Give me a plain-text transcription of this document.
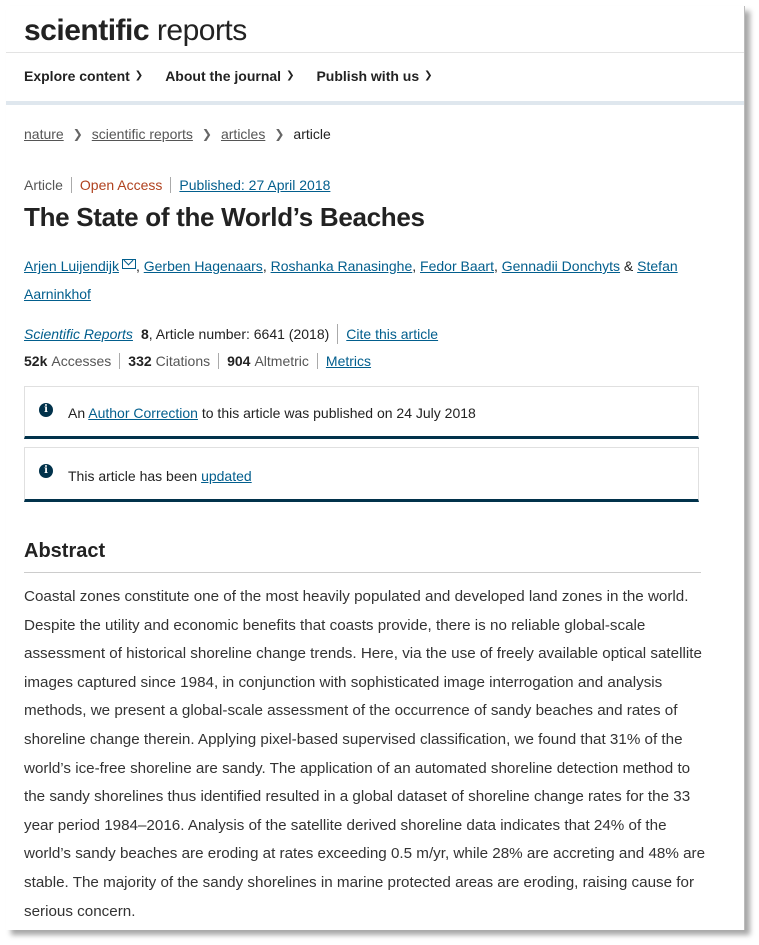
scientific reports
Explore content ❯ About the journal ❯ Publish with us ❯
nature ❯ scientific reports ❯ articles ❯ article
Article	Open Access	Published: 27 April 2018
The State of the World’s Beaches
Arjen Luijendijk , Gerben Hagenaars, Roshanka Ranasinghe, Fedor Baart, Gennadii Donchyts & Stefan Aarninkhof
Scientific Reports 8 , Article number: 6641 (2018) Cite this article
52k Accesses	332 Citations	904 Altmetric	Metrics
i	An Author Correction to this article was published on 24 July 2018
i	This article has been updated
Abstract

Coastal zones constitute one of the most heavily populated and developed land zones in the world. Despite the utility and economic benefits that coasts provide, there is no reliable global-scale assessment of historical shoreline change trends. Here, via the use of freely available optical satellite images captured since 1984, in conjunction with sophisticated image interrogation and analysis methods, we present a global-scale assessment of the occurrence of sandy beaches and rates of shoreline change therein. Applying pixel-based supervised classification, we found that 31% of the world’s ice-free shoreline are sandy. The application of an automated shoreline detection method to the sandy shorelines thus identified resulted in a global dataset of shoreline change rates for the 33 year period 1984–2016. Analysis of the satellite derived shoreline data indicates that 24% of the world’s sandy beaches are eroding at rates exceeding 0.5 m/yr, while 28% are accreting and 48% are stable. The majority of the sandy shorelines in marine protected areas are eroding, raising cause for serious concern.
